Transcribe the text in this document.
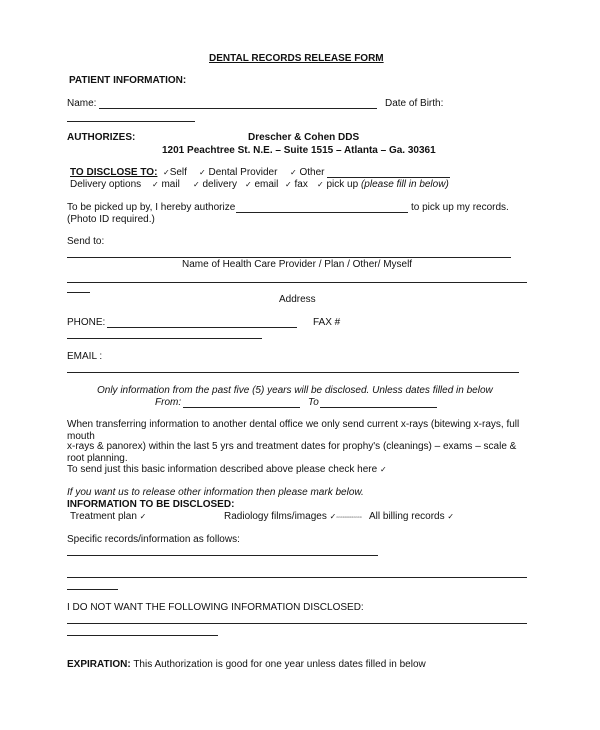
DENTAL RECORDS RELEASE FORM
PATIENT INFORMATION:
Name:	Date of Birth:
AUTHORIZES:	Drescher & Cohen DDS
1201 Peachtree St. N.E. – Suite 1515 – Atlanta – Ga. 30361
TO DISCLOSE TO: ✓Self ✓ Dental Provider ✓ Other
Delivery options ✓ mail ✓ delivery ✓ email ✓ fax ✓ pick up (please fill in below)
To be picked up by, I hereby authorize	to pick up my records.
(Photo ID required.)
Send to:
Name of Health Care Provider / Plan / Other/ Myself
Address
PHONE:	FAX #
EMAIL :
Only information from the past five (5) years will be disclosed. Unless dates filled in below
From:	To
When transferring information to another dental office we only send current x-rays (bitewing x-rays, full
mouth
x-rays & panorex) within the last 5 yrs and treatment dates for prophy's (cleanings) – exams – scale &
root planning.
To send just this basic information described above please check here ✓
If you want us to release other information then please mark below.
INFORMATION TO BE DISCLOSED:
Treatment plan ✓	Radiology films/images ✓▫▫▫▫▫▫▫▫▫▫▫▫ All billing records ✓
Specific records/information as follows:
I DO NOT WANT THE FOLLOWING INFORMATION DISCLOSED:
EXPIRATION: This Authorization is good for one year unless dates filled in below
